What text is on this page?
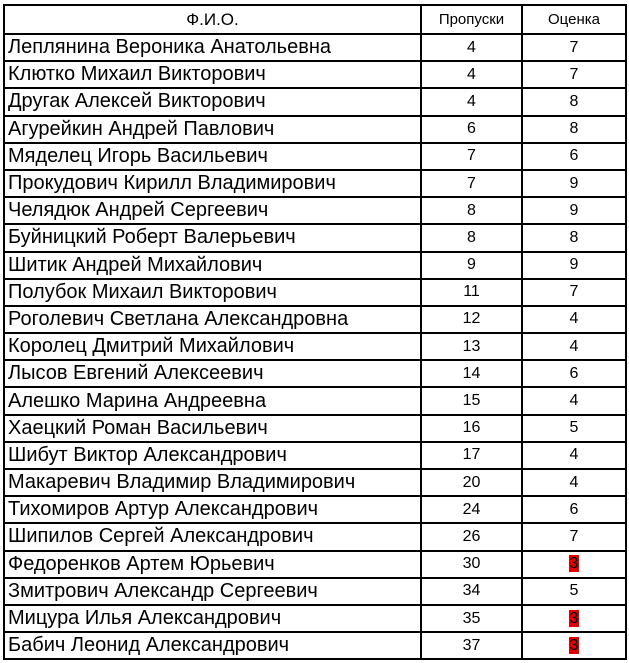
Ф.И.О.	Пропуски	Оценка
Леплянина Вероника Анатольевна	4	7
Клютко Михаил Викторович	4	7
Другак Алексей Викторович	4	8
Агурейкин Андрей Павлович	6	8
Мяделец Игорь Васильевич	7	6
Прокудович Кирилл Владимирович	7	9
Челядюк Андрей Сергеевич	8	9
Буйницкий Роберт Валерьевич	8	8
Шитик Андрей Михайлович	9	9
Полубок Михаил Викторович	11	7
Роголевич Светлана Александровна	12	4
Королец Дмитрий Михайлович	13	4
Лысов Евгений Алексеевич	14	6
Алешко Марина Андреевна	15	4
Хаецкий Роман Васильевич	16	5
Шибут Виктор Александрович	17	4
Макаревич Владимир Владимирович	20	4
Тихомиров Артур Александрович	24	6
Шипилов Сергей Александрович	26	7
Федоренков Артем Юрьевич	30	3
Змитрович Александр Сергеевич	34	5
Мицура Илья Александрович	35	3
Бабич Леонид Александрович	37	3
